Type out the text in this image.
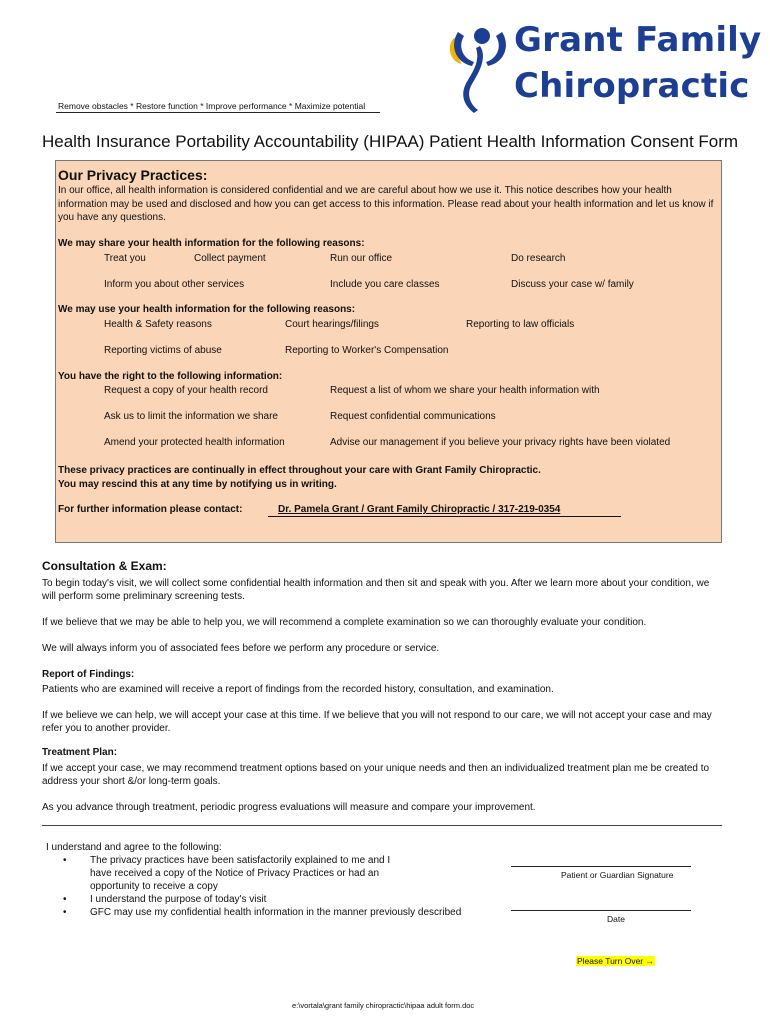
Remove obstacles * Restore function * Improve performance * Maximize potential
Grant Family
Chiropractic
Health Insurance Portability Accountability (HIPAA) Patient Health Information Consent Form
Our Privacy Practices:
In our office, all health information is considered confidential and we are careful about how we use it. This notice describes how your health information may be used and disclosed and how you can get access to this information. Please read about your health information and let us know if you have any questions.
We may share your health information for the following reasons:
Treat you	Collect payment	Run our office	Do research
Inform you about other services	Include you care classes	Discuss your case w/ family
We may use your health information for the following reasons:
Health & Safety reasons	Court hearings/filings	Reporting to law officials
Reporting victims of abuse	Reporting to Worker's Compensation
You have the right to the following information:
Request a copy of your health record	Request a list of whom we share your health information with
Ask us to limit the information we share	Request confidential communications
Amend your protected health information	Advise our management if you believe your privacy rights have been violated
These privacy practices are continually in effect throughout your care with Grant Family Chiropractic.
You may rescind this at any time by notifying us in writing.
For further information please contact:	Dr. Pamela Grant / Grant Family Chiropractic / 317-219-0354
Consultation & Exam:
To begin today's visit, we will collect some confidential health information and then sit and speak with you. After we learn more about your condition, we will perform some preliminary screening tests.
If we believe that we may be able to help you, we will recommend a complete examination so we can thoroughly evaluate your condition.
We will always inform you of associated fees before we perform any procedure or service.
Report of Findings:
Patients who are examined will receive a report of findings from the recorded history, consultation, and examination.
If we believe we can help, we will accept your case at this time. If we believe that you will not respond to our care, we will not accept your case and may refer you to another provider.
Treatment Plan:
If we accept your case, we may recommend treatment options based on your unique needs and then an individualized treatment plan me be created to address your short &/or long-term goals.
As you advance through treatment, periodic progress evaluations will measure and compare your improvement.
I understand and agree to the following:
• The privacy practices have been satisfactorily explained to me and I have received a copy of the Notice of Privacy Practices or had an opportunity to receive a copy
• I understand the purpose of today's visit
• GFC may use my confidential health information in the manner previously described
Patient or Guardian Signature
Date
Please Turn Over →
e:\vortala\grant family chiropractic\hipaa adult form.doc
